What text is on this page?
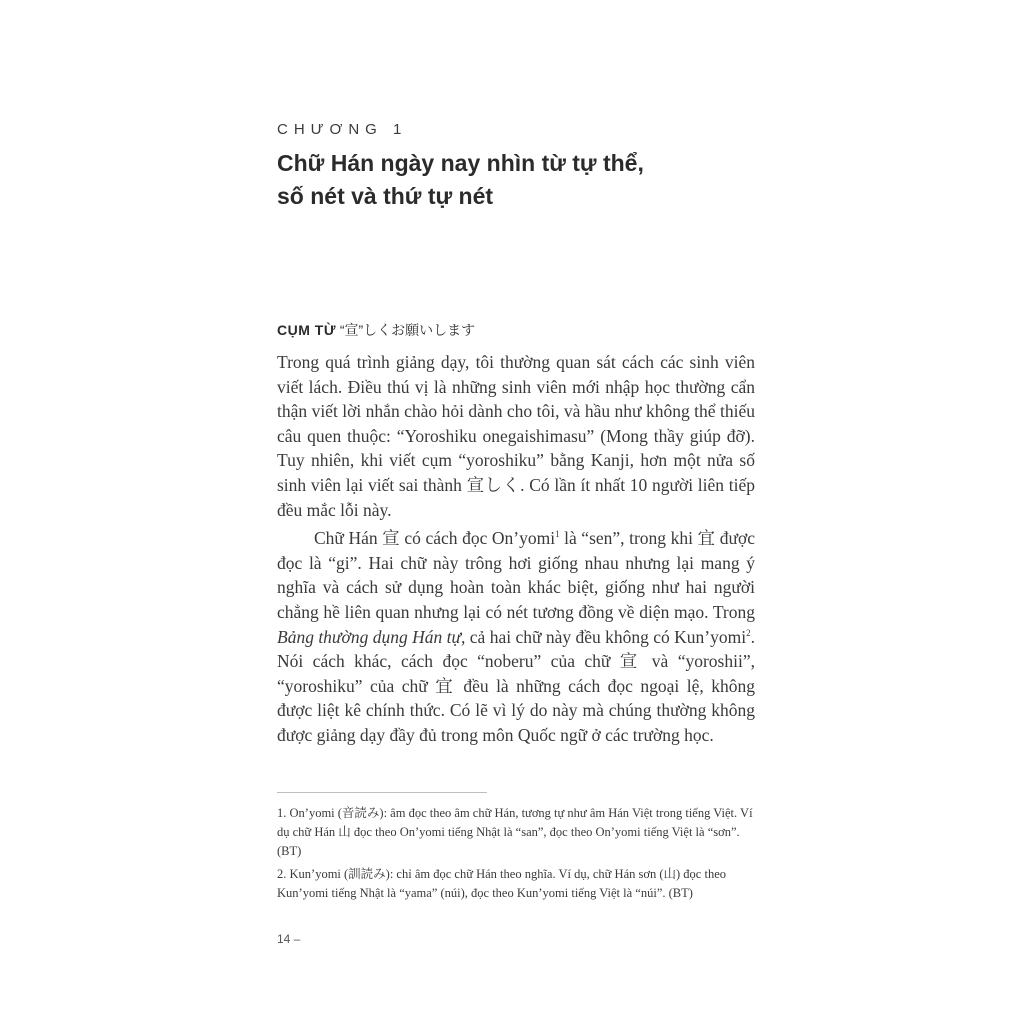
CHƯƠNG 1
Chữ Hán ngày nay nhìn từ tự thể,
số nét và thứ tự nét
CỤM TỪ “宣”しくお願いします

Trong quá trình giảng dạy, tôi thường quan sát cách các sinh viên viết lách. Điều thú vị là những sinh viên mới nhập học thường cẩn thận viết lời nhắn chào hỏi dành cho tôi, và hầu như không thể thiếu câu quen thuộc: “Yoroshiku onegaishimasu” (Mong thầy giúp đỡ). Tuy nhiên, khi viết cụm “yoroshiku” bằng Kanji, hơn một nửa số sinh viên lại viết sai thành 宣しく. Có lần ít nhất 10 người liên tiếp đều mắc lỗi này.

Chữ Hán 宣 có cách đọc On’yomi$^1$ là “sen”, trong khi 宜 được đọc là “gi”. Hai chữ này trông hơi giống nhau nhưng lại mang ý nghĩa và cách sử dụng hoàn toàn khác biệt, giống như hai người chẳng hề liên quan nhưng lại có nét tương đồng về diện mạo. Trong Bảng thường dụng Hán tự, cả hai chữ này đều không có Kun’yomi$^2$. Nói cách khác, cách đọc “noberu” của chữ 宣 và “yoroshii”, “yoroshiku” của chữ 宜 đều là những cách đọc ngoại lệ, không được liệt kê chính thức. Có lẽ vì lý do này mà chúng thường không được giảng dạy đầy đủ trong môn Quốc ngữ ở các trường học.

1. On’yomi (音読み): âm đọc theo âm chữ Hán, tương tự như âm Hán Việt trong tiếng Việt. Ví dụ chữ Hán 山 đọc theo On’yomi tiếng Nhật là “san”, đọc theo On’yomi tiếng Việt là “sơn”. (BT)

2. Kun’yomi (訓読み): chỉ âm đọc chữ Hán theo nghĩa. Ví dụ, chữ Hán sơn (山) đọc theo Kun’yomi tiếng Nhật là “yama” (núi), đọc theo Kun’yomi tiếng Việt là “núi”. (BT)

14 –
